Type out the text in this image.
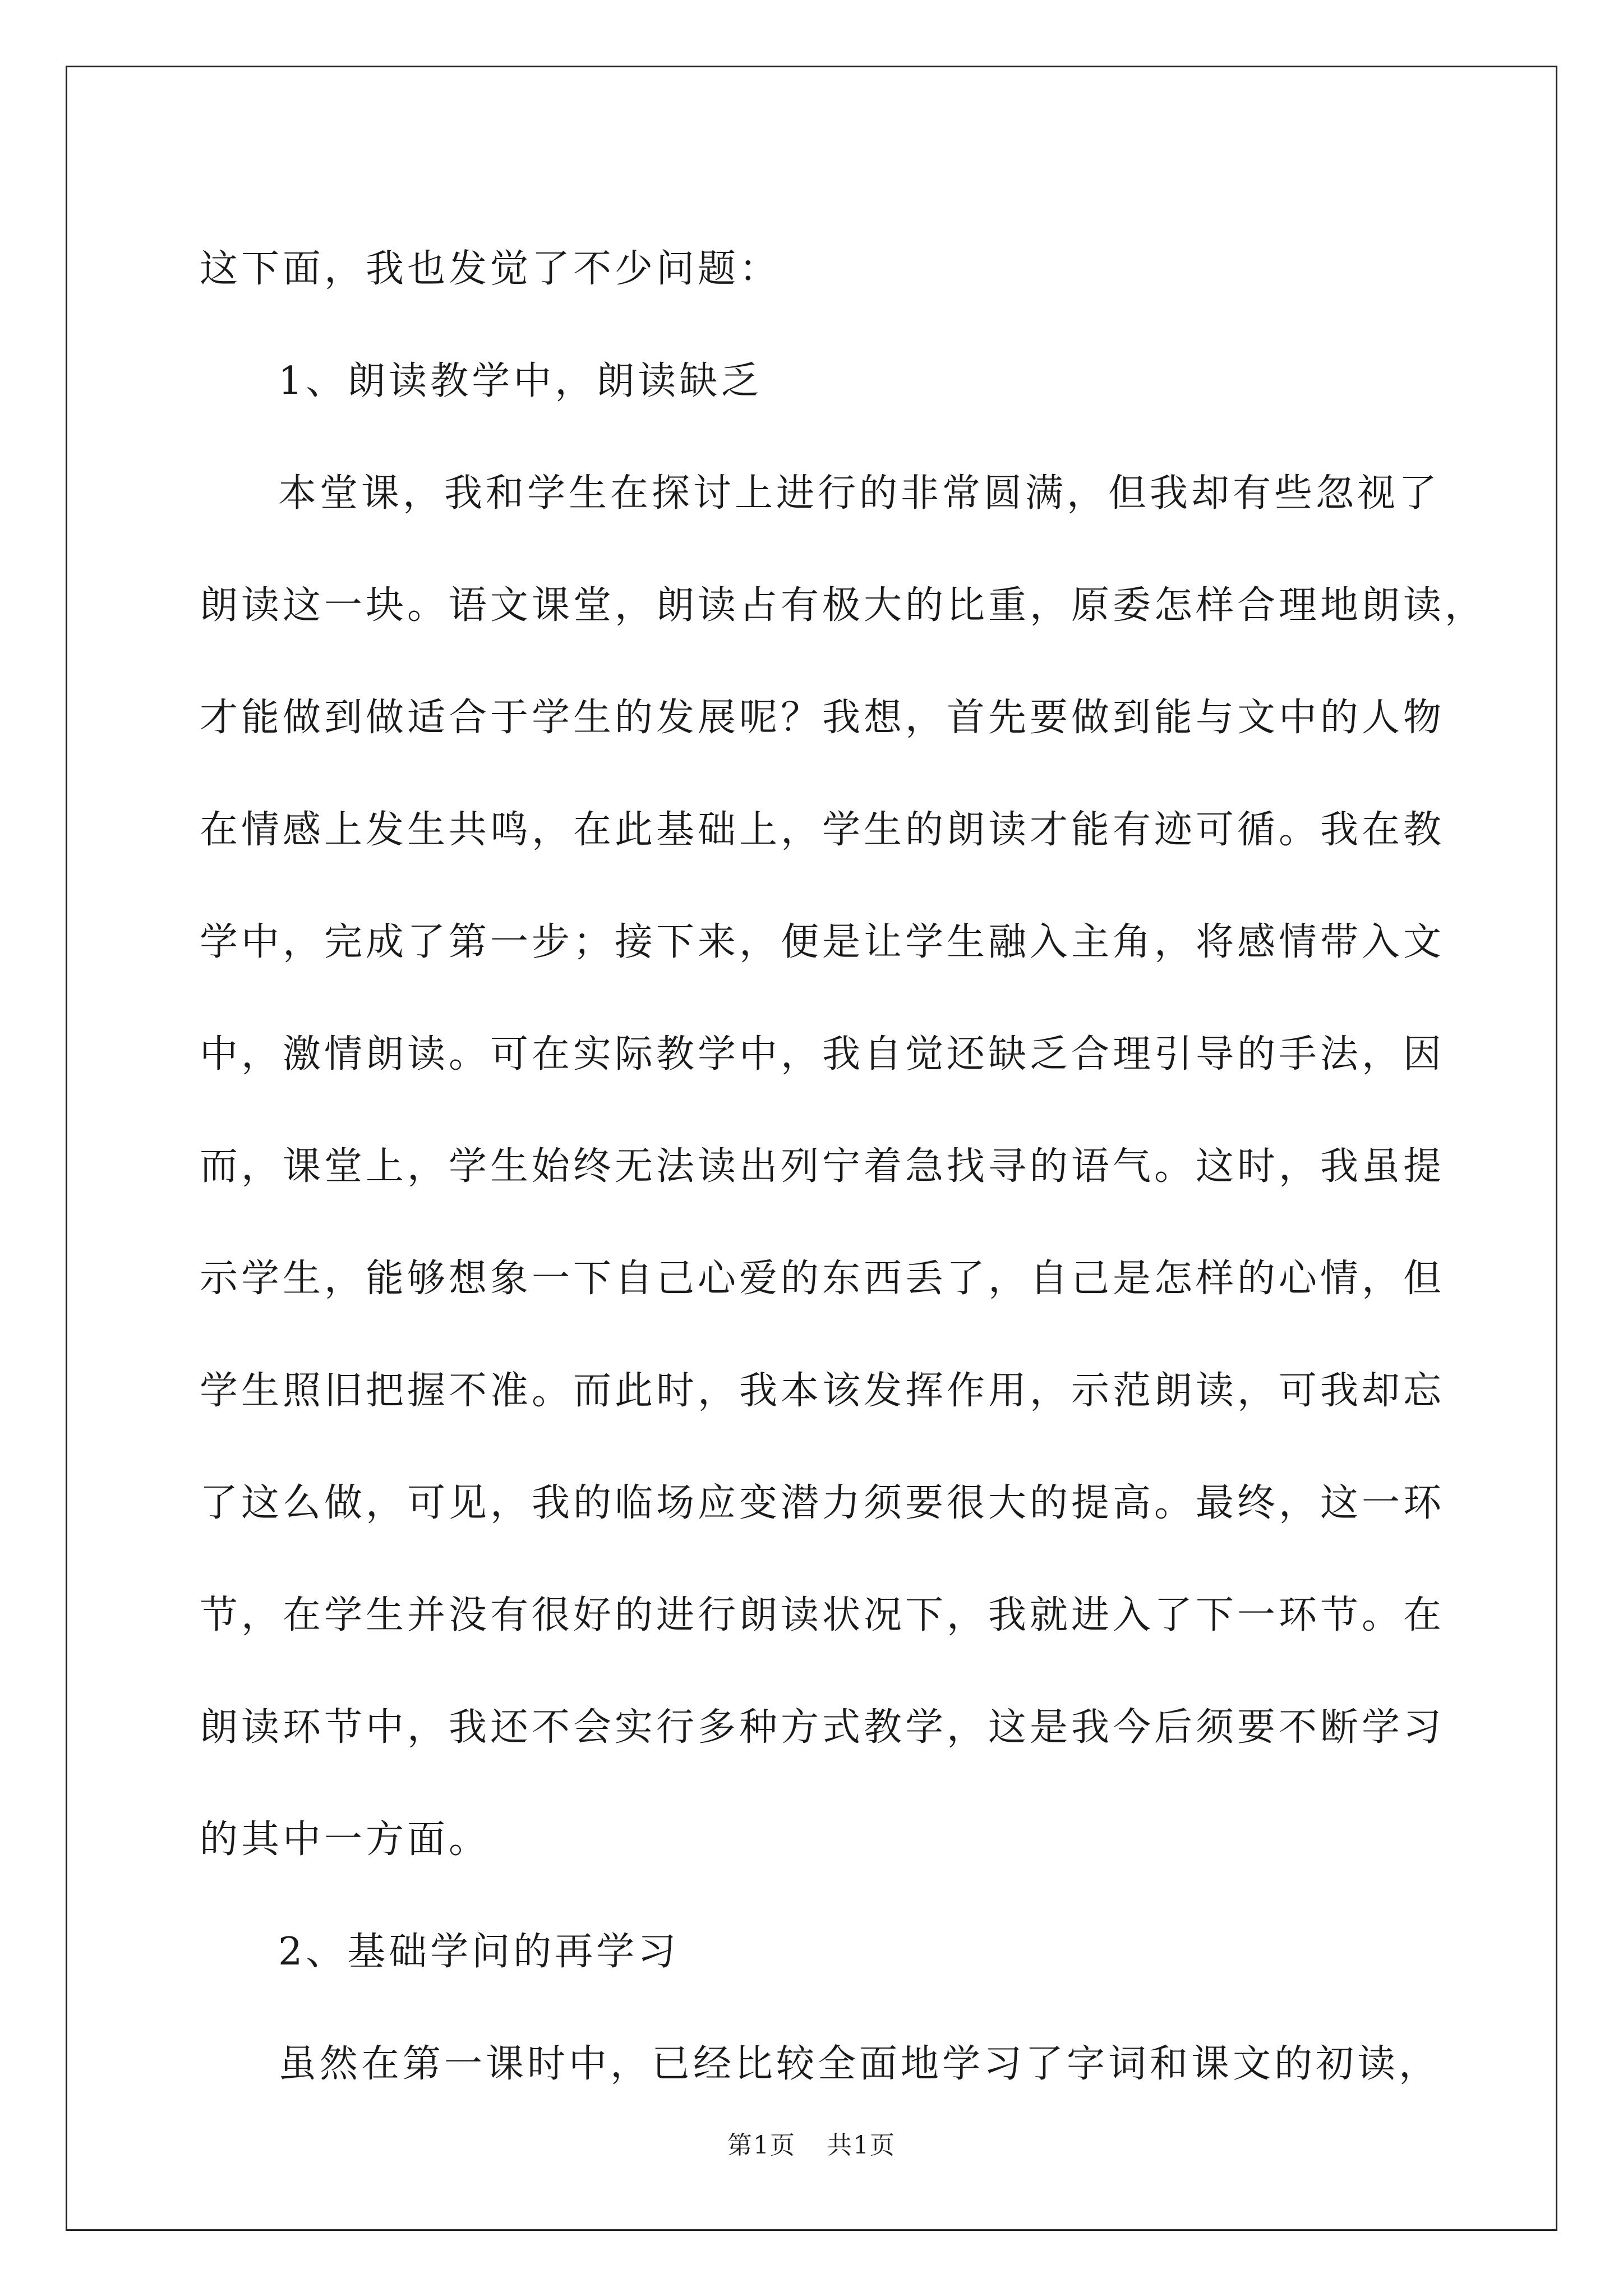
这下面，我也发觉了不少问题：
1、朗读教学中，朗读缺乏
本堂课，我和学生在探讨上进行的非常圆满，但我却有些忽视了
朗读这一块。语文课堂，朗读占有极大的比重，原委怎样合理地朗读，
才能做到做适合于学生的发展呢？我想，首先要做到能与文中的人物
在情感上发生共鸣，在此基础上，学生的朗读才能有迹可循。我在教
学中，完成了第一步；接下来，便是让学生融入主角，将感情带入文
中，激情朗读。可在实际教学中，我自觉还缺乏合理引导的手法，因
而，课堂上，学生始终无法读出列宁着急找寻的语气。这时，我虽提
示学生，能够想象一下自己心爱的东西丢了，自己是怎样的心情，但
学生照旧把握不准。而此时，我本该发挥作用，示范朗读，可我却忘
了这么做，可见，我的临场应变潜力须要很大的提高。最终，这一环
节，在学生并没有很好的进行朗读状况下，我就进入了下一环节。在
朗读环节中，我还不会实行多种方式教学，这是我今后须要不断学习
的其中一方面。
2、基础学问的再学习
虽然在第一课时中，已经比较全面地学习了字词和课文的初读，
第1页 共1页
